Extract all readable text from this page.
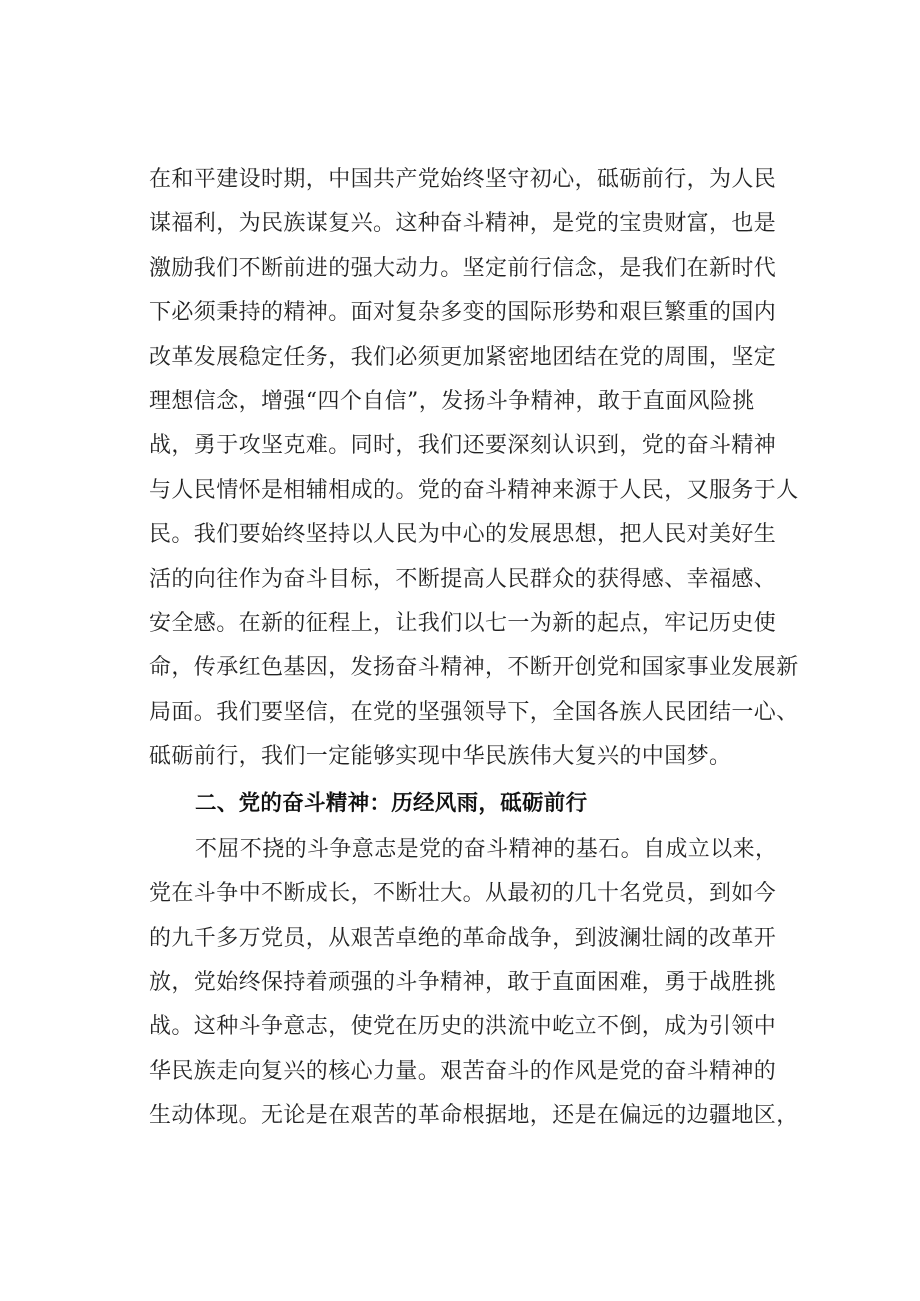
在和平建设时期，中国共产党始终坚守初心，砥砺前行，为人民
谋福利，为民族谋复兴。这种奋斗精神，是党的宝贵财富，也是
激励我们不断前进的强大动力。坚定前行信念，是我们在新时代
下必须秉持的精神。面对复杂多变的国际形势和艰巨繁重的国内
改革发展稳定任务，我们必须更加紧密地团结在党的周围，坚定
理想信念，增强“四个自信”，发扬斗争精神，敢于直面风险挑
战，勇于攻坚克难。同时，我们还要深刻认识到，党的奋斗精神
与人民情怀是相辅相成的。党的奋斗精神来源于人民，又服务于人
民。我们要始终坚持以人民为中心的发展思想，把人民对美好生
活的向往作为奋斗目标，不断提高人民群众的获得感、幸福感、
安全感。在新的征程上，让我们以七一为新的起点，牢记历史使
命，传承红色基因，发扬奋斗精神，不断开创党和国家事业发展新
局面。我们要坚信，在党的坚强领导下，全国各族人民团结一心、
砥砺前行，我们一定能够实现中华民族伟大复兴的中国梦。

二、党的奋斗精神：历经风雨，砥砺前行

不屈不挠的斗争意志是党的奋斗精神的基石。自成立以来，
党在斗争中不断成长，不断壮大。从最初的几十名党员，到如今
的九千多万党员，从艰苦卓绝的革命战争，到波澜壮阔的改革开
放，党始终保持着顽强的斗争精神，敢于直面困难，勇于战胜挑
战。这种斗争意志，使党在历史的洪流中屹立不倒，成为引领中
华民族走向复兴的核心力量。艰苦奋斗的作风是党的奋斗精神的
生动体现。无论是在艰苦的革命根据地，还是在偏远的边疆地区，
